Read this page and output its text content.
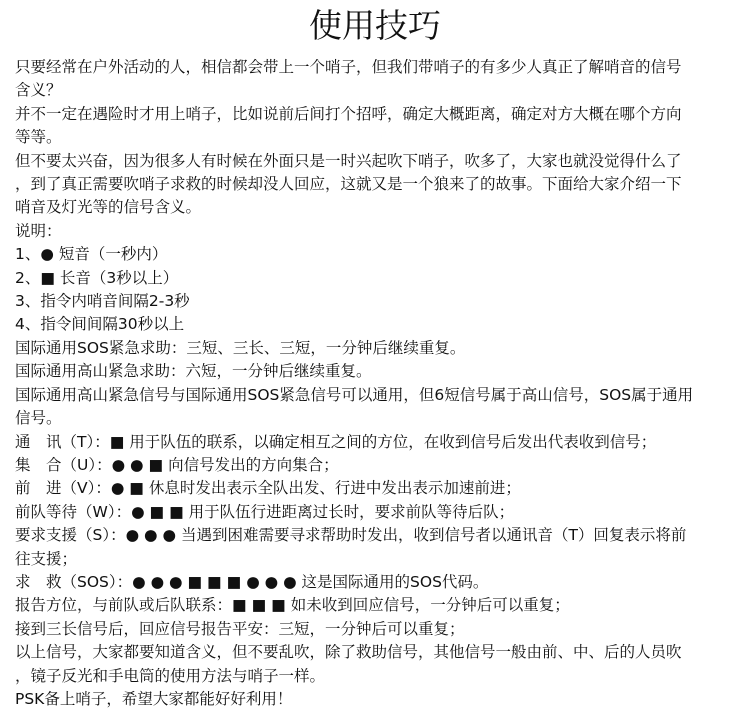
使用技巧

只要经常在户外活动的人，相信都会带上一个哨子，但我们带哨子的有多少人真正了解哨音的信号

含义？

并不一定在遇险时才用上哨子，比如说前后间打个招呼，确定大概距离，确定对方大概在哪个方向

等等。

但不要太兴奋，因为很多人有时候在外面只是一时兴起吹下哨子，吹多了，大家也就没觉得什么了

，到了真正需要吹哨子求救的时候却没人回应，这就又是一个狼来了的故事。下面给大家介绍一下

哨音及灯光等的信号含义。

说明：

1、● 短音（一秒内）

2、■ 长音（3秒以上）

3、指令内哨音间隔2-3秒

4、指令间间隔30秒以上

国际通用SOS紧急求助：三短、三长、三短，一分钟后继续重复。

国际通用高山紧急求助：六短，一分钟后继续重复。

国际通用高山紧急信号与国际通用SOS紧急信号可以通用，但6短信号属于高山信号，SOS属于通用

信号。

通　讯（T）：■ 用于队伍的联系，以确定相互之间的方位，在收到信号后发出代表收到信号；

集　合（U）：● ● ■ 向信号发出的方向集合；

前　进（V）：● ■ 休息时发出表示全队出发、行进中发出表示加速前进；

前队等待（W）：● ■ ■ 用于队伍行进距离过长时，要求前队等待后队；

要求支援（S）：● ● ● 当遇到困难需要寻求帮助时发出，收到信号者以通讯音（T）回复表示将前

往支援；

求　救（SOS）：● ● ● ■ ■ ■ ● ● ● 这是国际通用的SOS代码。

报告方位，与前队或后队联系：■ ■ ■ 如未收到回应信号，一分钟后可以重复；

接到三长信号后，回应信号报告平安：三短，一分钟后可以重复；

以上信号，大家都要知道含义，但不要乱吹，除了救助信号，其他信号一般由前、中、后的人员吹

，镜子反光和手电筒的使用方法与哨子一样。

PSK备上哨子，希望大家都能好好利用！
